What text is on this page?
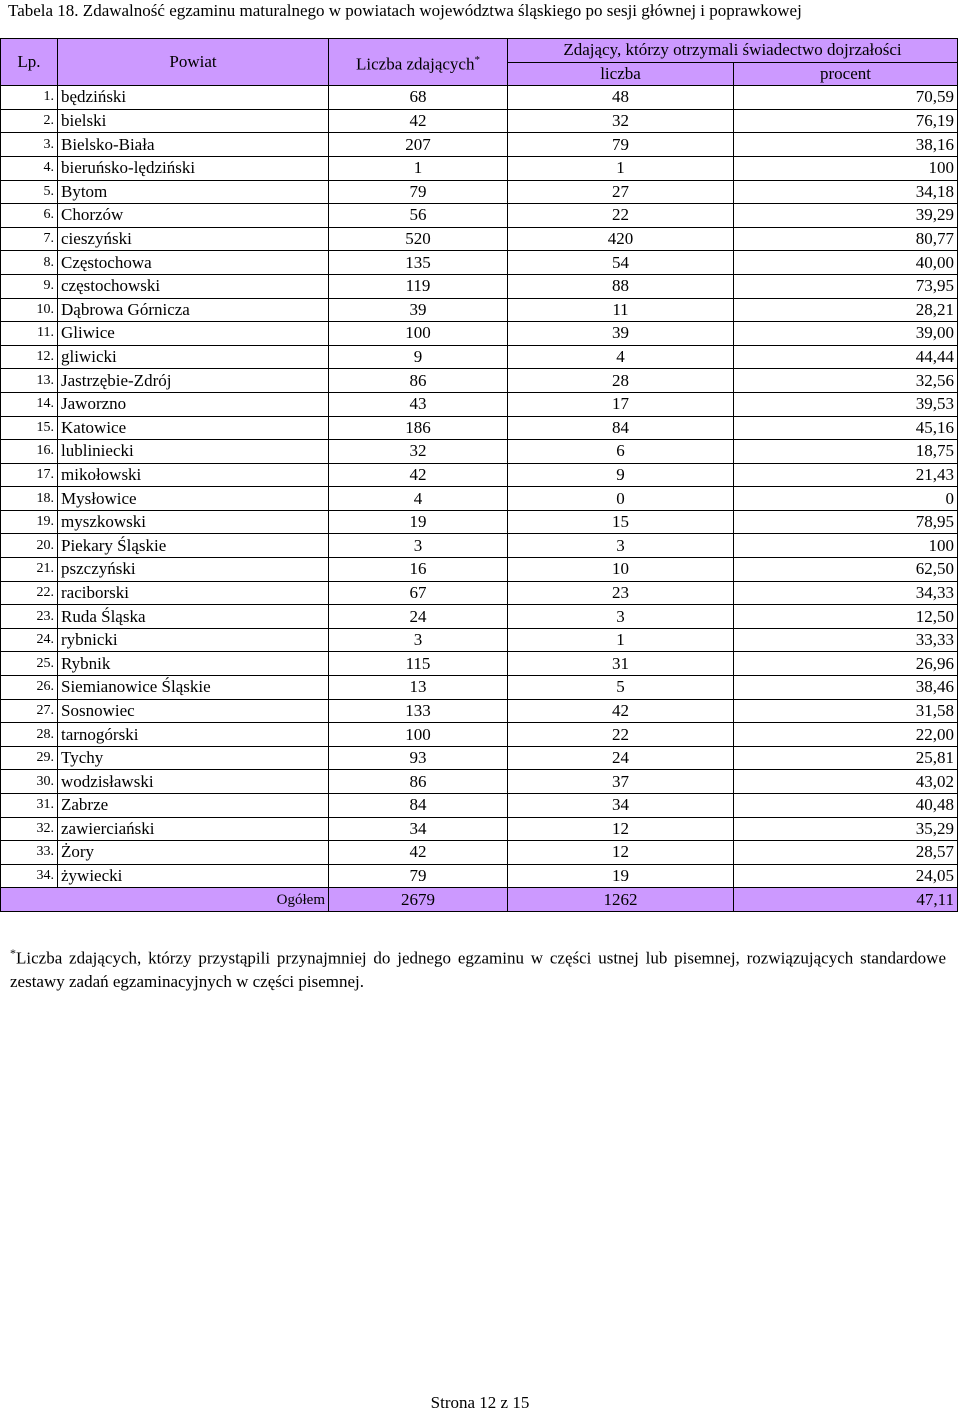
Tabela 18. Zdawalność egzaminu maturalnego w powiatach województwa śląskiego po sesji głównej i poprawkowej
Lp.	Powiat	Liczba zdających*	Zdający, którzy otrzymali świadectwo dojrzałości	
			liczba	procent
1.	będziński	68	48	70,59
2.	bielski	42	32	76,19
3.	Bielsko-Biała	207	79	38,16
4.	bieruńsko-lędziński	1	1	100
5.	Bytom	79	27	34,18
6.	Chorzów	56	22	39,29
7.	cieszyński	520	420	80,77
8.	Częstochowa	135	54	40,00
9.	częstochowski	119	88	73,95
10.	Dąbrowa Górnicza	39	11	28,21
11.	Gliwice	100	39	39,00
12.	gliwicki	9	4	44,44
13.	Jastrzębie-Zdrój	86	28	32,56
14.	Jaworzno	43	17	39,53
15.	Katowice	186	84	45,16
16.	lubliniecki	32	6	18,75
17.	mikołowski	42	9	21,43
18.	Mysłowice	4	0	0
19.	myszkowski	19	15	78,95
20.	Piekary Śląskie	3	3	100
21.	pszczyński	16	10	62,50
22.	raciborski	67	23	34,33
23.	Ruda Śląska	24	3	12,50
24.	rybnicki	3	1	33,33
25.	Rybnik	115	31	26,96
26.	Siemianowice Śląskie	13	5	38,46
27.	Sosnowiec	133	42	31,58
28.	tarnogórski	100	22	22,00
29.	Tychy	93	24	25,81
30.	wodzisławski	86	37	43,02
31.	Zabrze	84	34	40,48
32.	zawierciański	34	12	35,29
33.	Żory	42	12	28,57
34.	żywiecki	79	19	24,05
Ogółem		2679	1262	47,11
*Liczba zdających, którzy przystąpili przynajmniej do jednego egzaminu w części ustnej lub pisemnej, rozwiązujących standardowe zestawy zadań egzaminacyjnych w części pisemnej.
Strona 12 z 15
